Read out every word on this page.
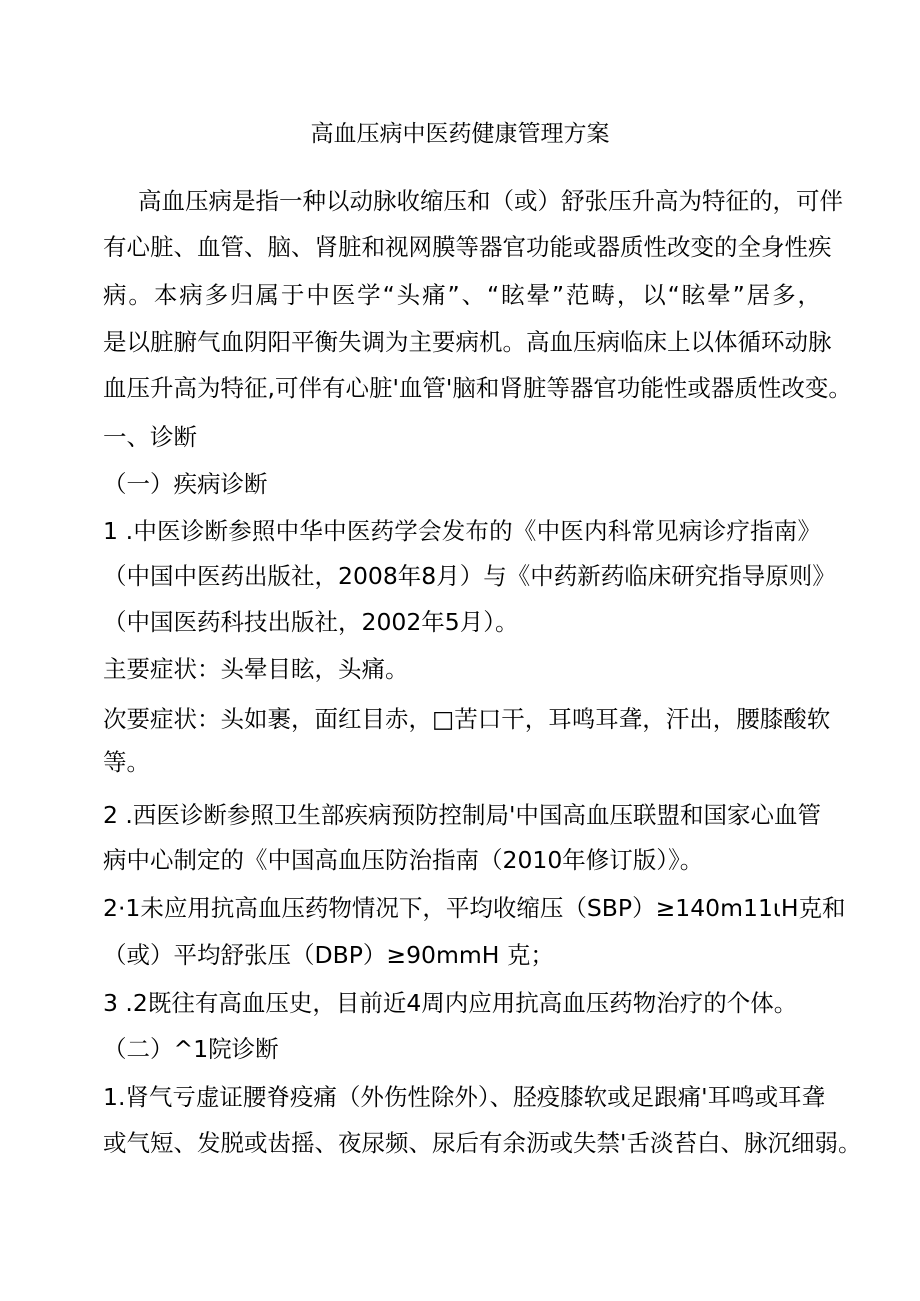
高血压病中医药健康管理方案
高血压病是指一种以动脉收缩压和（或）舒张压升高为特征的，可伴
有心脏、血管、脑、肾脏和视网膜等器官功能或器质性改变的全身性疾
病。本病多归属于中医学“头痛”、“眩晕”范畴，以“眩晕”居多，
是以脏腑气血阴阳平衡失调为主要病机。高血压病临床上以体循环动脉
血压升高为特征,可伴有心脏'血管'脑和肾脏等器官功能性或器质性改变。
一、诊断
（一）疾病诊断
1 .中医诊断参照中华中医药学会发布的《中医内科常见病诊疗指南》
（中国中医药出版社，2008年8月）与《中药新药临床研究指导原则》
（中国医药科技出版社，2002年5月）。
主要症状：头晕目眩，头痛。
次要症状：头如裹，面红目赤，□苦口干，耳鸣耳聋，汗出，腰膝酸软
等。
2 .西医诊断参照卫生部疾病预防控制局'中国高血压联盟和国家心血管
病中心制定的《中国高血压防治指南（2010年修订版）》。
2·1未应用抗高血压药物情况下，平均收缩压（SBP）≥140m11ιH克和
（或）平均舒张压（DBP）≥90mmH 克；
3 .2既往有高血压史，目前近4周内应用抗高血压药物治疗的个体。
（二）^1院诊断
1.肾气亏虚证腰脊疫痛（外伤性除外）、胫疫膝软或足跟痛'耳鸣或耳聋
或气短、发脱或齿摇、夜尿频、尿后有余沥或失禁'舌淡苔白、脉沉细弱。
